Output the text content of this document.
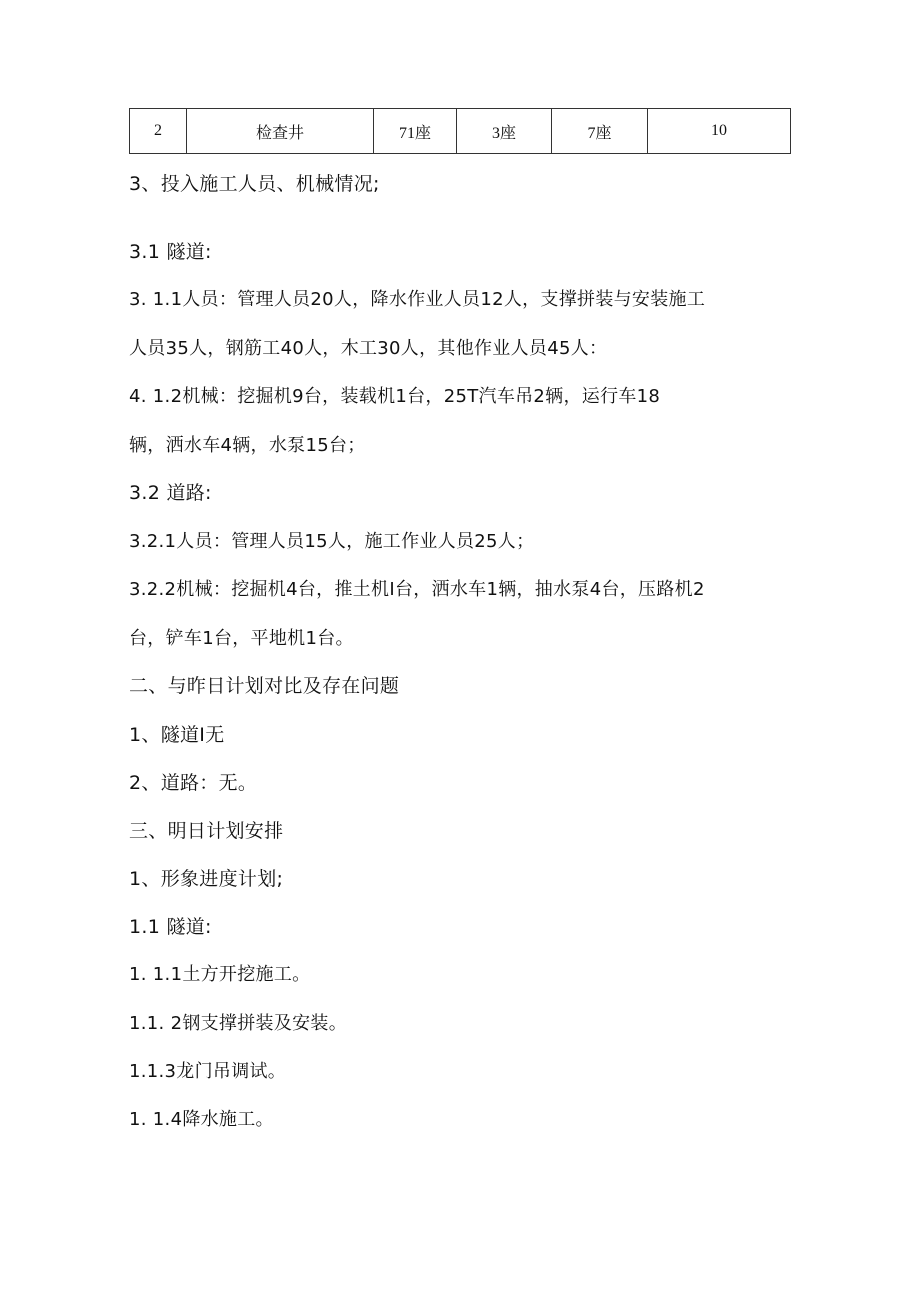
2	检查井	71座	3座	7座	10
3、投入施工人员、机械情况;
3.1 隧道:
3. 1.1人员：管理人员20人，降水作业人员12人，支撑拼装与安装施工
人员35人，钢筋工40人，木工30人，其他作业人员45人：
4. 1.2机械：挖掘机9台，装载机1台，25T汽车吊2辆，运行车18
辆，洒水车4辆，水泵15台；
3.2 道路:
3.2.1人员：管理人员15人，施工作业人员25人；
3.2.2机械：挖掘机4台，推土机I台，洒水车1辆，抽水泵4台，压路机2
台，铲车1台，平地机1台。
二、与昨日计划对比及存在问题
1、隧道I无
2、道路：无。
三、明日计划安排
1、形象进度计划;
1.1 隧道:
1. 1.1土方开挖施工。
1.1. 2钢支撑拼装及安装。
1.1.3龙门吊调试。
1. 1.4降水施工。
